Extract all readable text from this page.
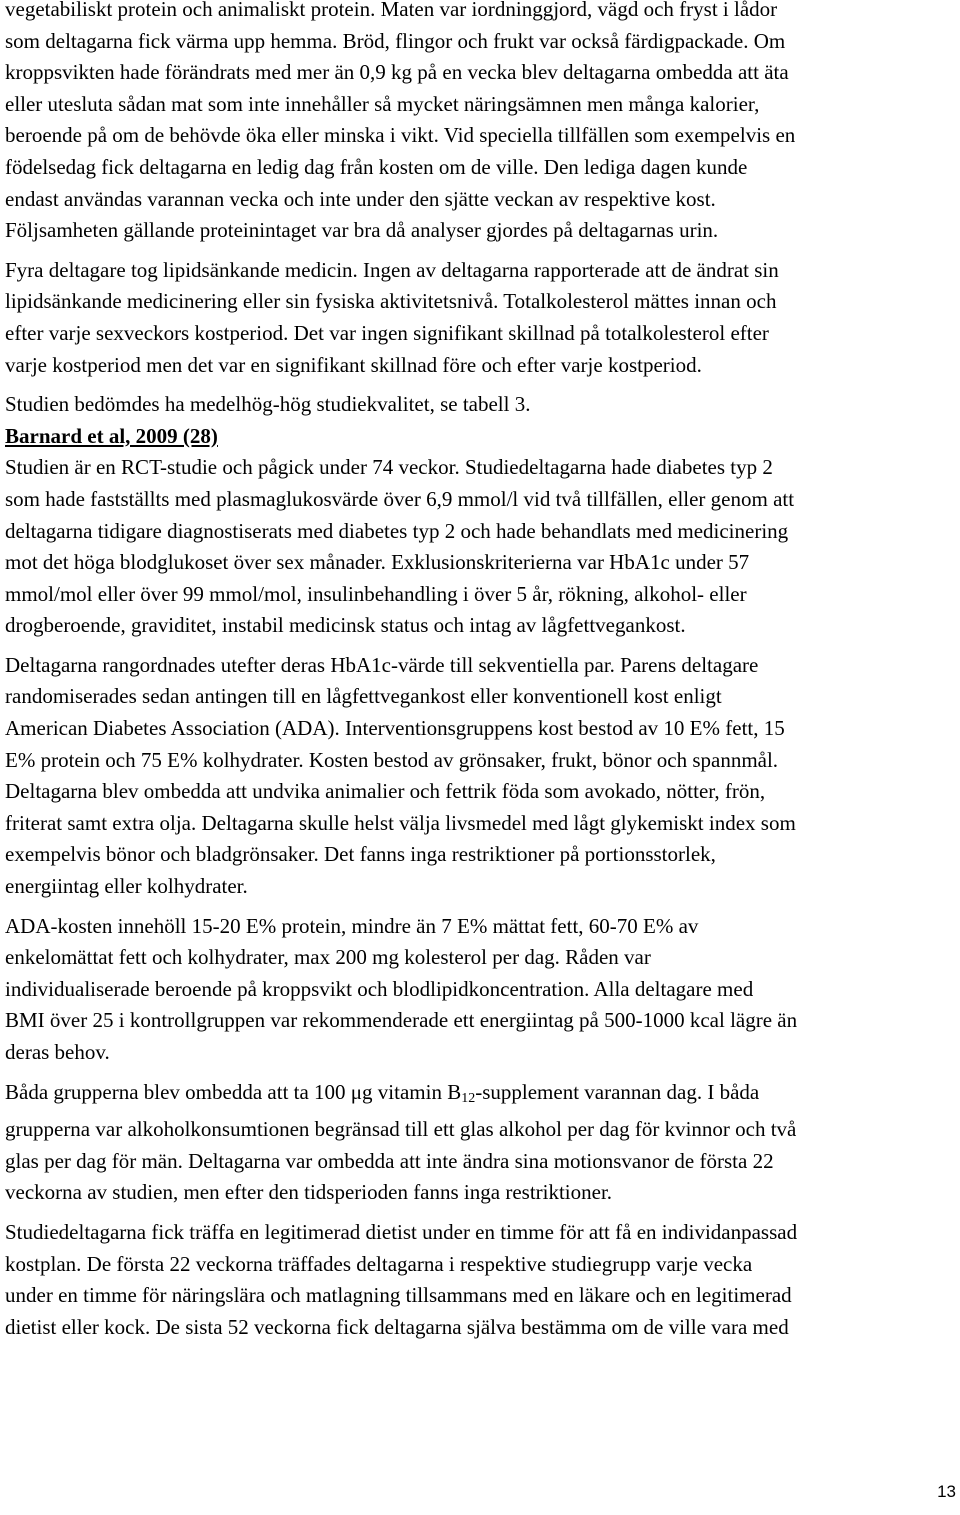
vegetabiliskt protein och animaliskt protein. Maten var iordninggjord, vägd och fryst i lådor
som deltagarna fick värma upp hemma. Bröd, flingor och frukt var också färdigpackade. Om
kroppsvikten hade förändrats med mer än 0,9 kg på en vecka blev deltagarna ombedda att äta
eller utesluta sådan mat som inte innehåller så mycket näringsämnen men många kalorier,
beroende på om de behövde öka eller minska i vikt. Vid speciella tillfällen som exempelvis en
födelsedag fick deltagarna en ledig dag från kosten om de ville. Den lediga dagen kunde
endast användas varannan vecka och inte under den sjätte veckan av respektive kost.
Följsamheten gällande proteinintaget var bra då analyser gjordes på deltagarnas urin.

Fyra deltagare tog lipidsänkande medicin. Ingen av deltagarna rapporterade att de ändrat sin
lipidsänkande medicinering eller sin fysiska aktivitetsnivå. Totalkolesterol mättes innan och
efter varje sexveckors kostperiod. Det var ingen signifikant skillnad på totalkolesterol efter
varje kostperiod men det var en signifikant skillnad före och efter varje kostperiod.

Studien bedömdes ha medelhög-hög studiekvalitet, se tabell 3.

Barnard et al, 2009 (28)

Studien är en RCT-studie och pågick under 74 veckor. Studiedeltagarna hade diabetes typ 2
som hade fastställts med plasmaglukosvärde över 6,9 mmol/l vid två tillfällen, eller genom att
deltagarna tidigare diagnostiserats med diabetes typ 2 och hade behandlats med medicinering
mot det höga blodglukoset över sex månader. Exklusionskriterierna var HbA1c under 57
mmol/mol eller över 99 mmol/mol, insulinbehandling i över 5 år, rökning, alkohol- eller
drogberoende, graviditet, instabil medicinsk status och intag av lågfettvegankost.

Deltagarna rangordnades utefter deras HbA1c-värde till sekventiella par. Parens deltagare
randomiserades sedan antingen till en lågfettvegankost eller konventionell kost enligt
American Diabetes Association (ADA). Interventionsgruppens kost bestod av 10 E% fett, 15
E% protein och 75 E% kolhydrater. Kosten bestod av grönsaker, frukt, bönor och spannmål.
Deltagarna blev ombedda att undvika animalier och fettrik föda som avokado, nötter, frön,
friterat samt extra olja. Deltagarna skulle helst välja livsmedel med lågt glykemiskt index som
exempelvis bönor och bladgrönsaker. Det fanns inga restriktioner på portionsstorlek,
energiintag eller kolhydrater.

ADA-kosten innehöll 15-20 E% protein, mindre än 7 E% mättat fett, 60-70 E% av
enkelomättat fett och kolhydrater, max 200 mg kolesterol per dag. Råden var
individualiserade beroende på kroppsvikt och blodlipidkoncentration. Alla deltagare med
BMI över 25 i kontrollgruppen var rekommenderade ett energiintag på 500-1000 kcal lägre än
deras behov.

Båda grupperna blev ombedda att ta 100 μg vitamin $B_{12}$-supplement varannan dag. I båda
grupperna var alkoholkonsumtionen begränsad till ett glas alkohol per dag för kvinnor och två
glas per dag för män. Deltagarna var ombedda att inte ändra sina motionsvanor de första 22
veckorna av studien, men efter den tidsperioden fanns inga restriktioner.

Studiedeltagarna fick träffa en legitimerad dietist under en timme för att få en individanpassad
kostplan. De första 22 veckorna träffades deltagarna i respektive studiegrupp varje vecka
under en timme för näringslära och matlagning tillsammans med en läkare och en legitimerad
dietist eller kock. De sista 52 veckorna fick deltagarna själva bestämma om de ville vara med

13
